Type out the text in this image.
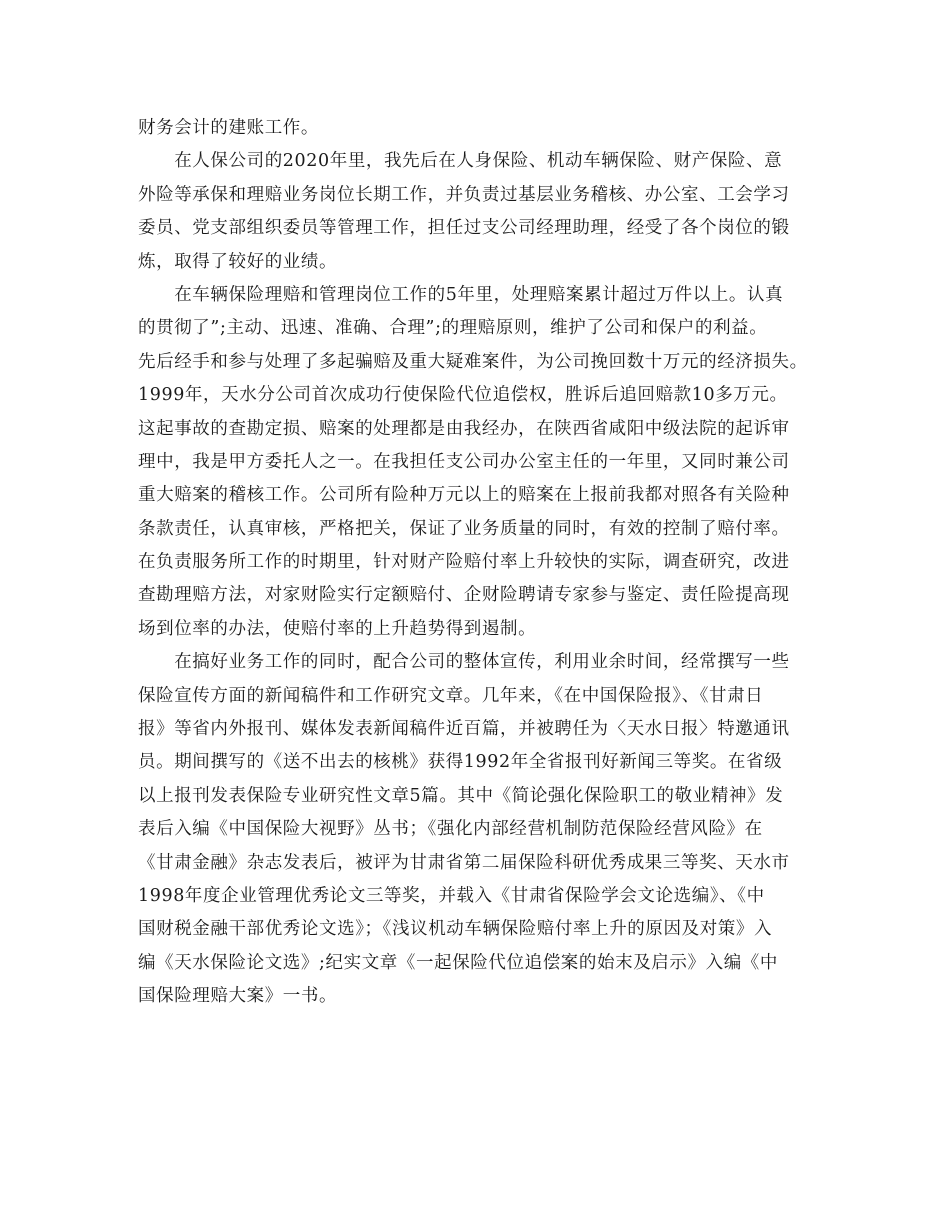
财务会计的建账工作。
　　在人保公司的2020年里，我先后在人身保险、机动车辆保险、财产保险、意
外险等承保和理赔业务岗位长期工作，并负责过基层业务稽核、办公室、工会学习
委员、党支部组织委员等管理工作，担任过支公司经理助理，经受了各个岗位的锻
炼，取得了较好的业绩。
　　在车辆保险理赔和管理岗位工作的5年里，处理赔案累计超过万件以上。认真
的贯彻了”;主动、迅速、准确、合理”;的理赔原则，维护了公司和保户的利益。
先后经手和参与处理了多起骗赔及重大疑难案件，为公司挽回数十万元的经济损失。
1999年，天水分公司首次成功行使保险代位追偿权，胜诉后追回赔款10多万元。
这起事故的查勘定损、赔案的处理都是由我经办，在陕西省咸阳中级法院的起诉审
理中，我是甲方委托人之一。在我担任支公司办公室主任的一年里，又同时兼公司
重大赔案的稽核工作。公司所有险种万元以上的赔案在上报前我都对照各有关险种
条款责任，认真审核，严格把关，保证了业务质量的同时，有效的控制了赔付率。
在负责服务所工作的时期里，针对财产险赔付率上升较快的实际，调查研究，改进
查勘理赔方法，对家财险实行定额赔付、企财险聘请专家参与鉴定、责任险提高现
场到位率的办法，使赔付率的上升趋势得到遏制。
　　在搞好业务工作的同时，配合公司的整体宣传，利用业余时间，经常撰写一些
保险宣传方面的新闻稿件和工作研究文章。几年来，《在中国保险报》、《甘肃日
报》等省内外报刊、媒体发表新闻稿件近百篇，并被聘任为〈天水日报〉特邀通讯
员。期间撰写的《送不出去的核桃》获得1992年全省报刊好新闻三等奖。在省级
以上报刊发表保险专业研究性文章5篇。其中《简论强化保险职工的敬业精神》发
表后入编《中国保险大视野》丛书；《强化内部经营机制防范保险经营风险》在
《甘肃金融》杂志发表后，被评为甘肃省第二届保险科研优秀成果三等奖、天水市
1998年度企业管理优秀论文三等奖，并载入《甘肃省保险学会文论选编》、《中
国财税金融干部优秀论文选》；《浅议机动车辆保险赔付率上升的原因及对策》入
编《天水保险论文选》;纪实文章《一起保险代位追偿案的始末及启示》入编《中
国保险理赔大案》一书。
